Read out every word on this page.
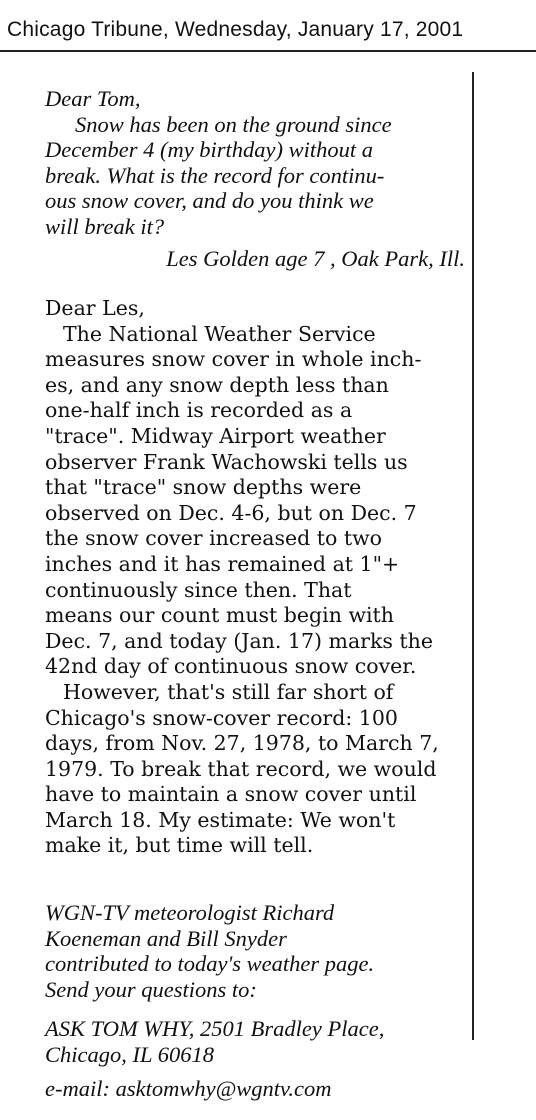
Chicago Tribune, Wednesday, January 17, 2001
Dear Tom,
Snow has been on the ground since
December 4 (my birthday) without a
break. What is the record for continu-
ous snow cover, and do you think we
will break it?
Les Golden age 7 , Oak Park, Ill.
Dear Les,
The National Weather Service
measures snow cover in whole inch-
es, and any snow depth less than
one-half inch is recorded as a
"trace". Midway Airport weather
observer Frank Wachowski tells us
that "trace" snow depths were
observed on Dec. 4-6, but on Dec. 7
the snow cover increased to two
inches and it has remained at 1"+
continuously since then. That
means our count must begin with
Dec. 7, and today (Jan. 17) marks the
42nd day of continuous snow cover.
However, that's still far short of
Chicago's snow-cover record: 100
days, from Nov. 27, 1978, to March 7,
1979. To break that record, we would
have to maintain a snow cover until
March 18. My estimate: We won't
make it, but time will tell.
WGN-TV meteorologist Richard
Koeneman and Bill Snyder
contributed to today's weather page.
Send your questions to:
ASK TOM WHY, 2501 Bradley Place,
Chicago, IL 60618
e-mail: asktomwhy@wgntv.com
